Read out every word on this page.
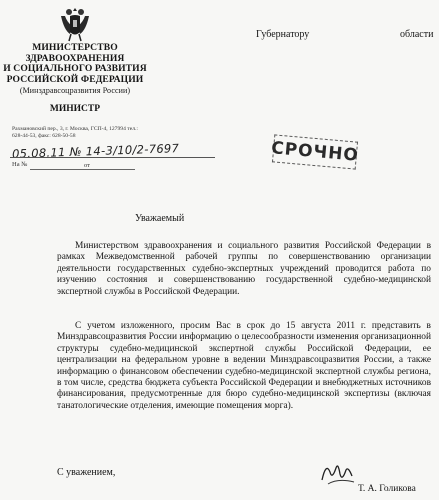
МИНИСТЕРСТВО
ЗДРАВООХРАНЕНИЯ
И СОЦИАЛЬНОГО РАЗВИТИЯ
РОССИЙСКОЙ ФЕДЕРАЦИИ
(Минздравсоцразвития России)
МИНИСТР
Рахмановский пер., 3, г. Москва, ГСП-4, 127994 тел.: 628-44-53, факс: 628-50-58
05.08.11 № 14-3/10/2-7697
На №	от	СРОЧНО
Губернатору	области
Уважаемый
Министерством здравоохранения и социального развития Российской Федерации в рамках Межведомственной рабочей группы по совершенствованию организации деятельности государственных судебно-экспертных учреждений проводится работа по изучению состояния и совершенствованию государственной судебно-медицинской экспертной службы в Российской Федерации.
С учетом изложенного, просим Вас в срок до 15 августа 2011 г. представить в Минздравсоцразвития России информацию о целесообразности изменения организационной структуры судебно-медицинской экспертной службы Российской Федерации, ее централизации на федеральном уровне в ведении Минздравсоцразвития России, а также информацию о финансовом обеспечении судебно-медицинской экспертной службы региона, в том числе, средства бюджета субъекта Российской Федерации и внебюджетных источников финансирования, предусмотренные для бюро судебно-медицинской экспертизы (включая танатологические отделения, имеющие помещения морга).
С уважением,
Т. А. Голикова
